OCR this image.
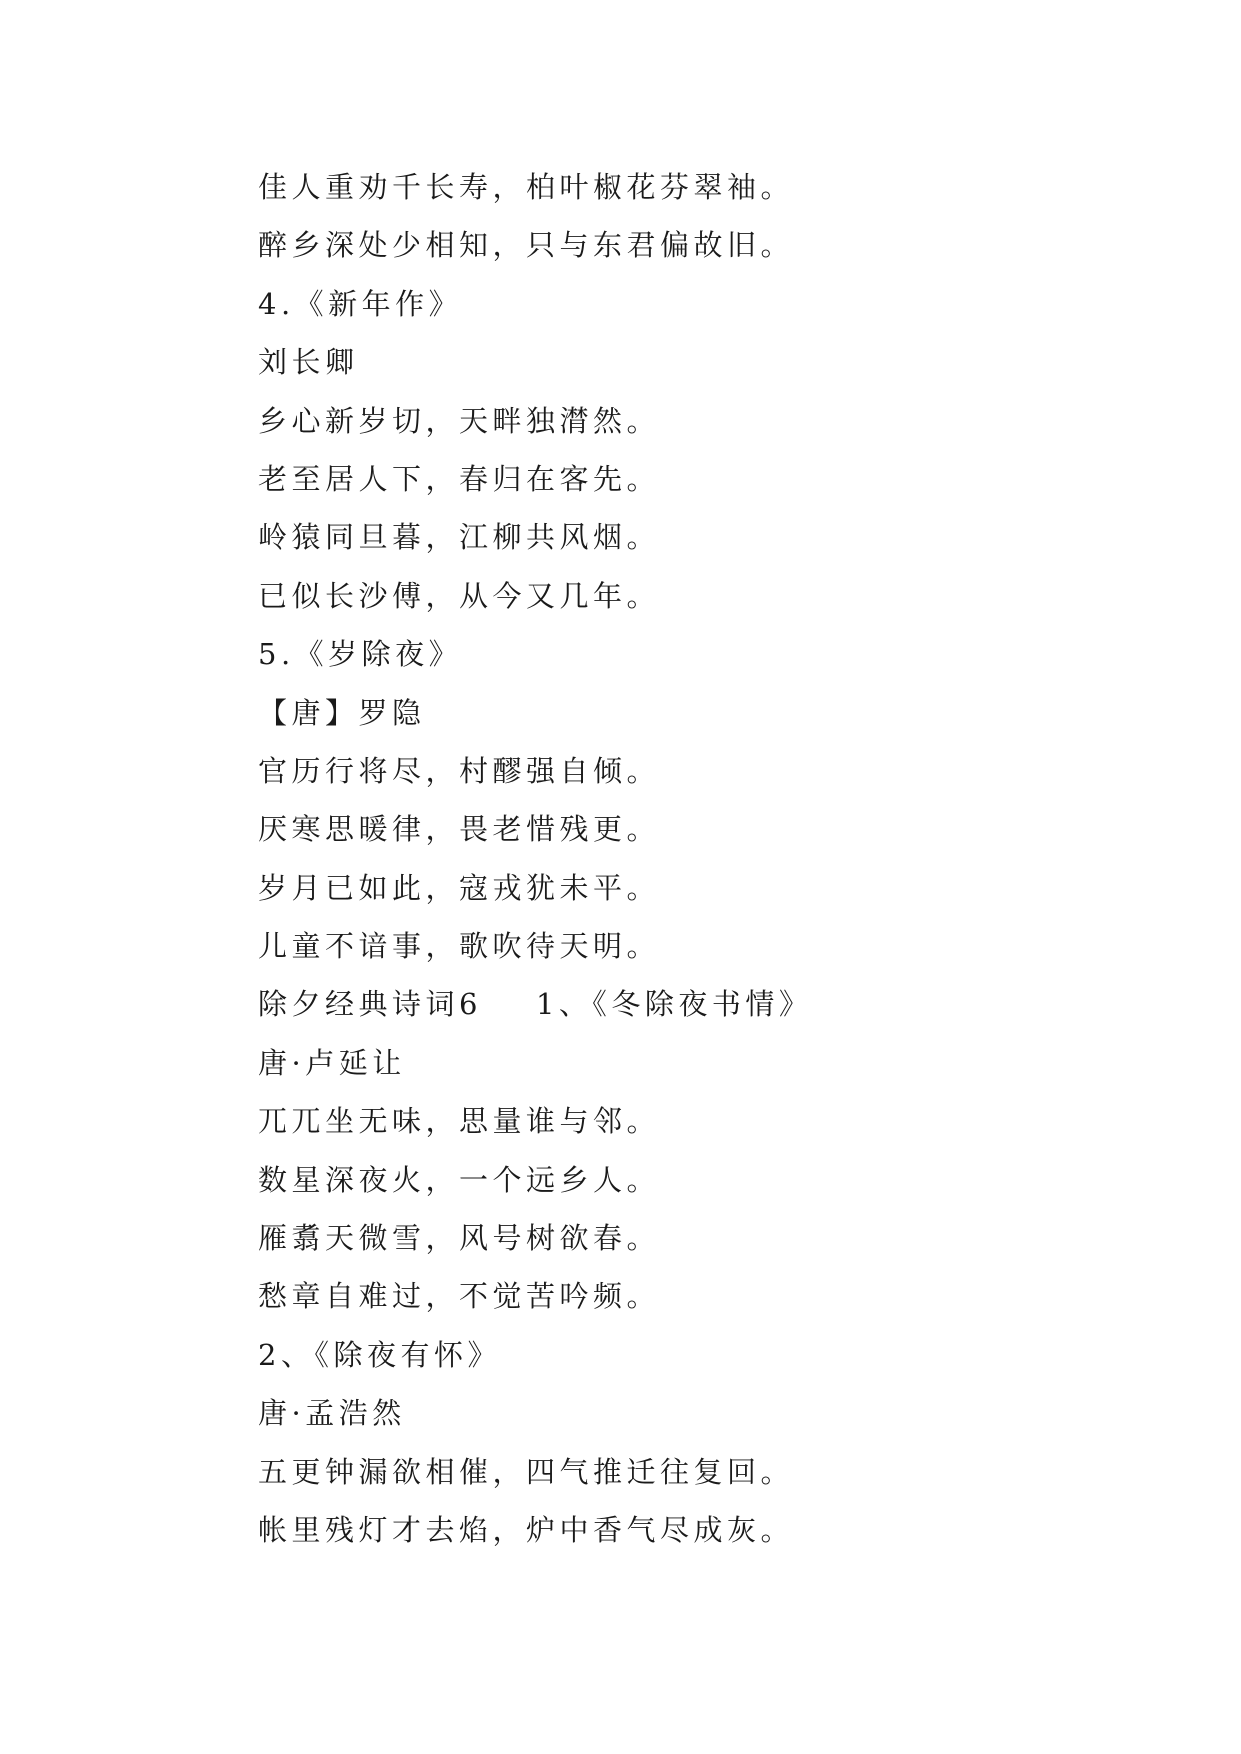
佳人重劝千长寿，柏叶椒花芬翠袖。
醉乡深处少相知，只与东君偏故旧。
4.《新年作》
刘长卿
乡心新岁切，天畔独潸然。
老至居人下，春归在客先。
岭猿同旦暮，江柳共风烟。
已似长沙傅，从今又几年。
5.《岁除夜》
【唐】罗隐
官历行将尽，村醪强自倾。
厌寒思暖律，畏老惜残更。
岁月已如此，寇戎犹未平。
儿童不谙事，歌吹待天明。
除夕经典诗词6 1、《冬除夜书情》
唐·卢延让
兀兀坐无味，思量谁与邻。
数星深夜火，一个远乡人。
雁翥天微雪，风号树欲春。
愁章自难过，不觉苦吟频。
2、《除夜有怀》
唐·孟浩然
五更钟漏欲相催，四气推迁往复回。
帐里残灯才去焰，炉中香气尽成灰。
